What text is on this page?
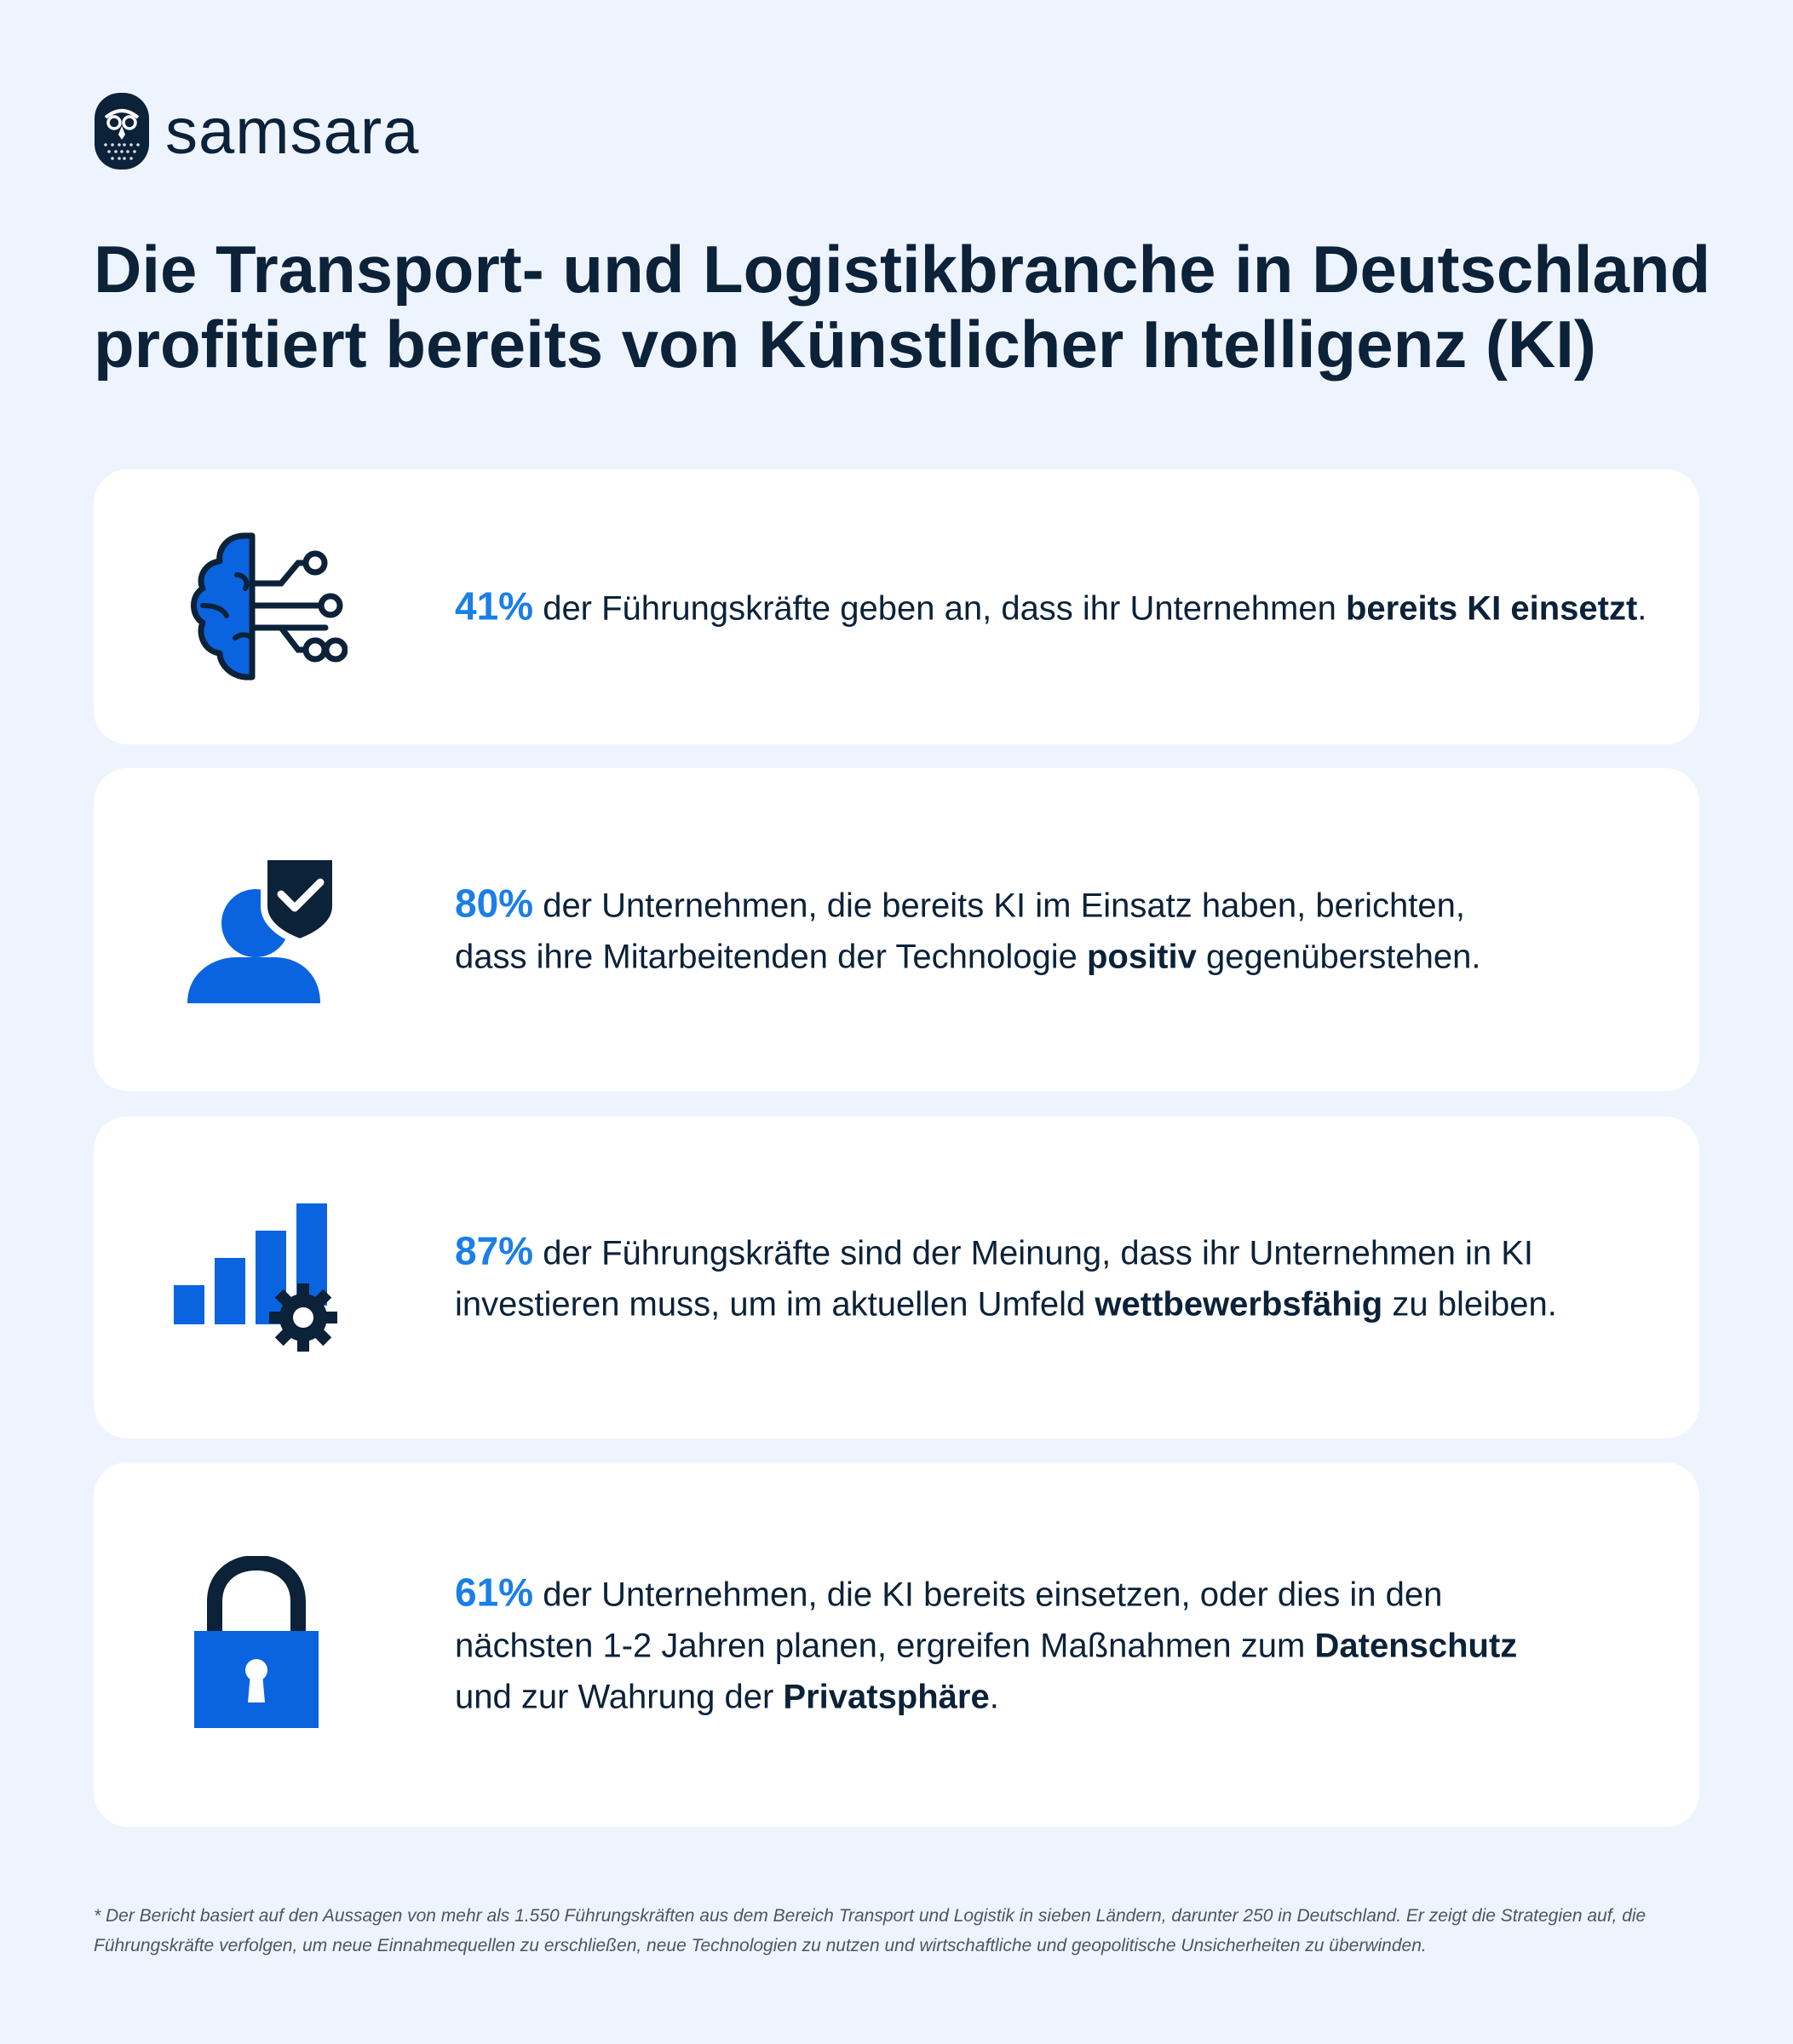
samsara
Die Transport- und Logistikbranche in Deutschland profitiert bereits von Künstlicher Intelligenz (KI)
41% der Führungskräfte geben an, dass ihr Unternehmen bereits KI einsetzt.
80% der Unternehmen, die bereits KI im Einsatz haben, berichten,
dass ihre Mitarbeitenden der Technologie positiv gegenüberstehen.
87% der Führungskräfte sind der Meinung, dass ihr Unternehmen in KI
investieren muss, um im aktuellen Umfeld wettbewerbsfähig zu bleiben.
61% der Unternehmen, die KI bereits einsetzen, oder dies in den
nächsten 1-2 Jahren planen, ergreifen Maßnahmen zum Datenschutz
und zur Wahrung der Privatsphäre.

* Der Bericht basiert auf den Aussagen von mehr als 1.550 Führungskräften aus dem Bereich Transport und Logistik in sieben Ländern, darunter 250 in Deutschland. Er zeigt die Strategien auf, die Führungskräfte verfolgen, um neue Einnahmequellen zu erschließen, neue Technologien zu nutzen und wirtschaftliche und geopolitische Unsicherheiten zu überwinden.
